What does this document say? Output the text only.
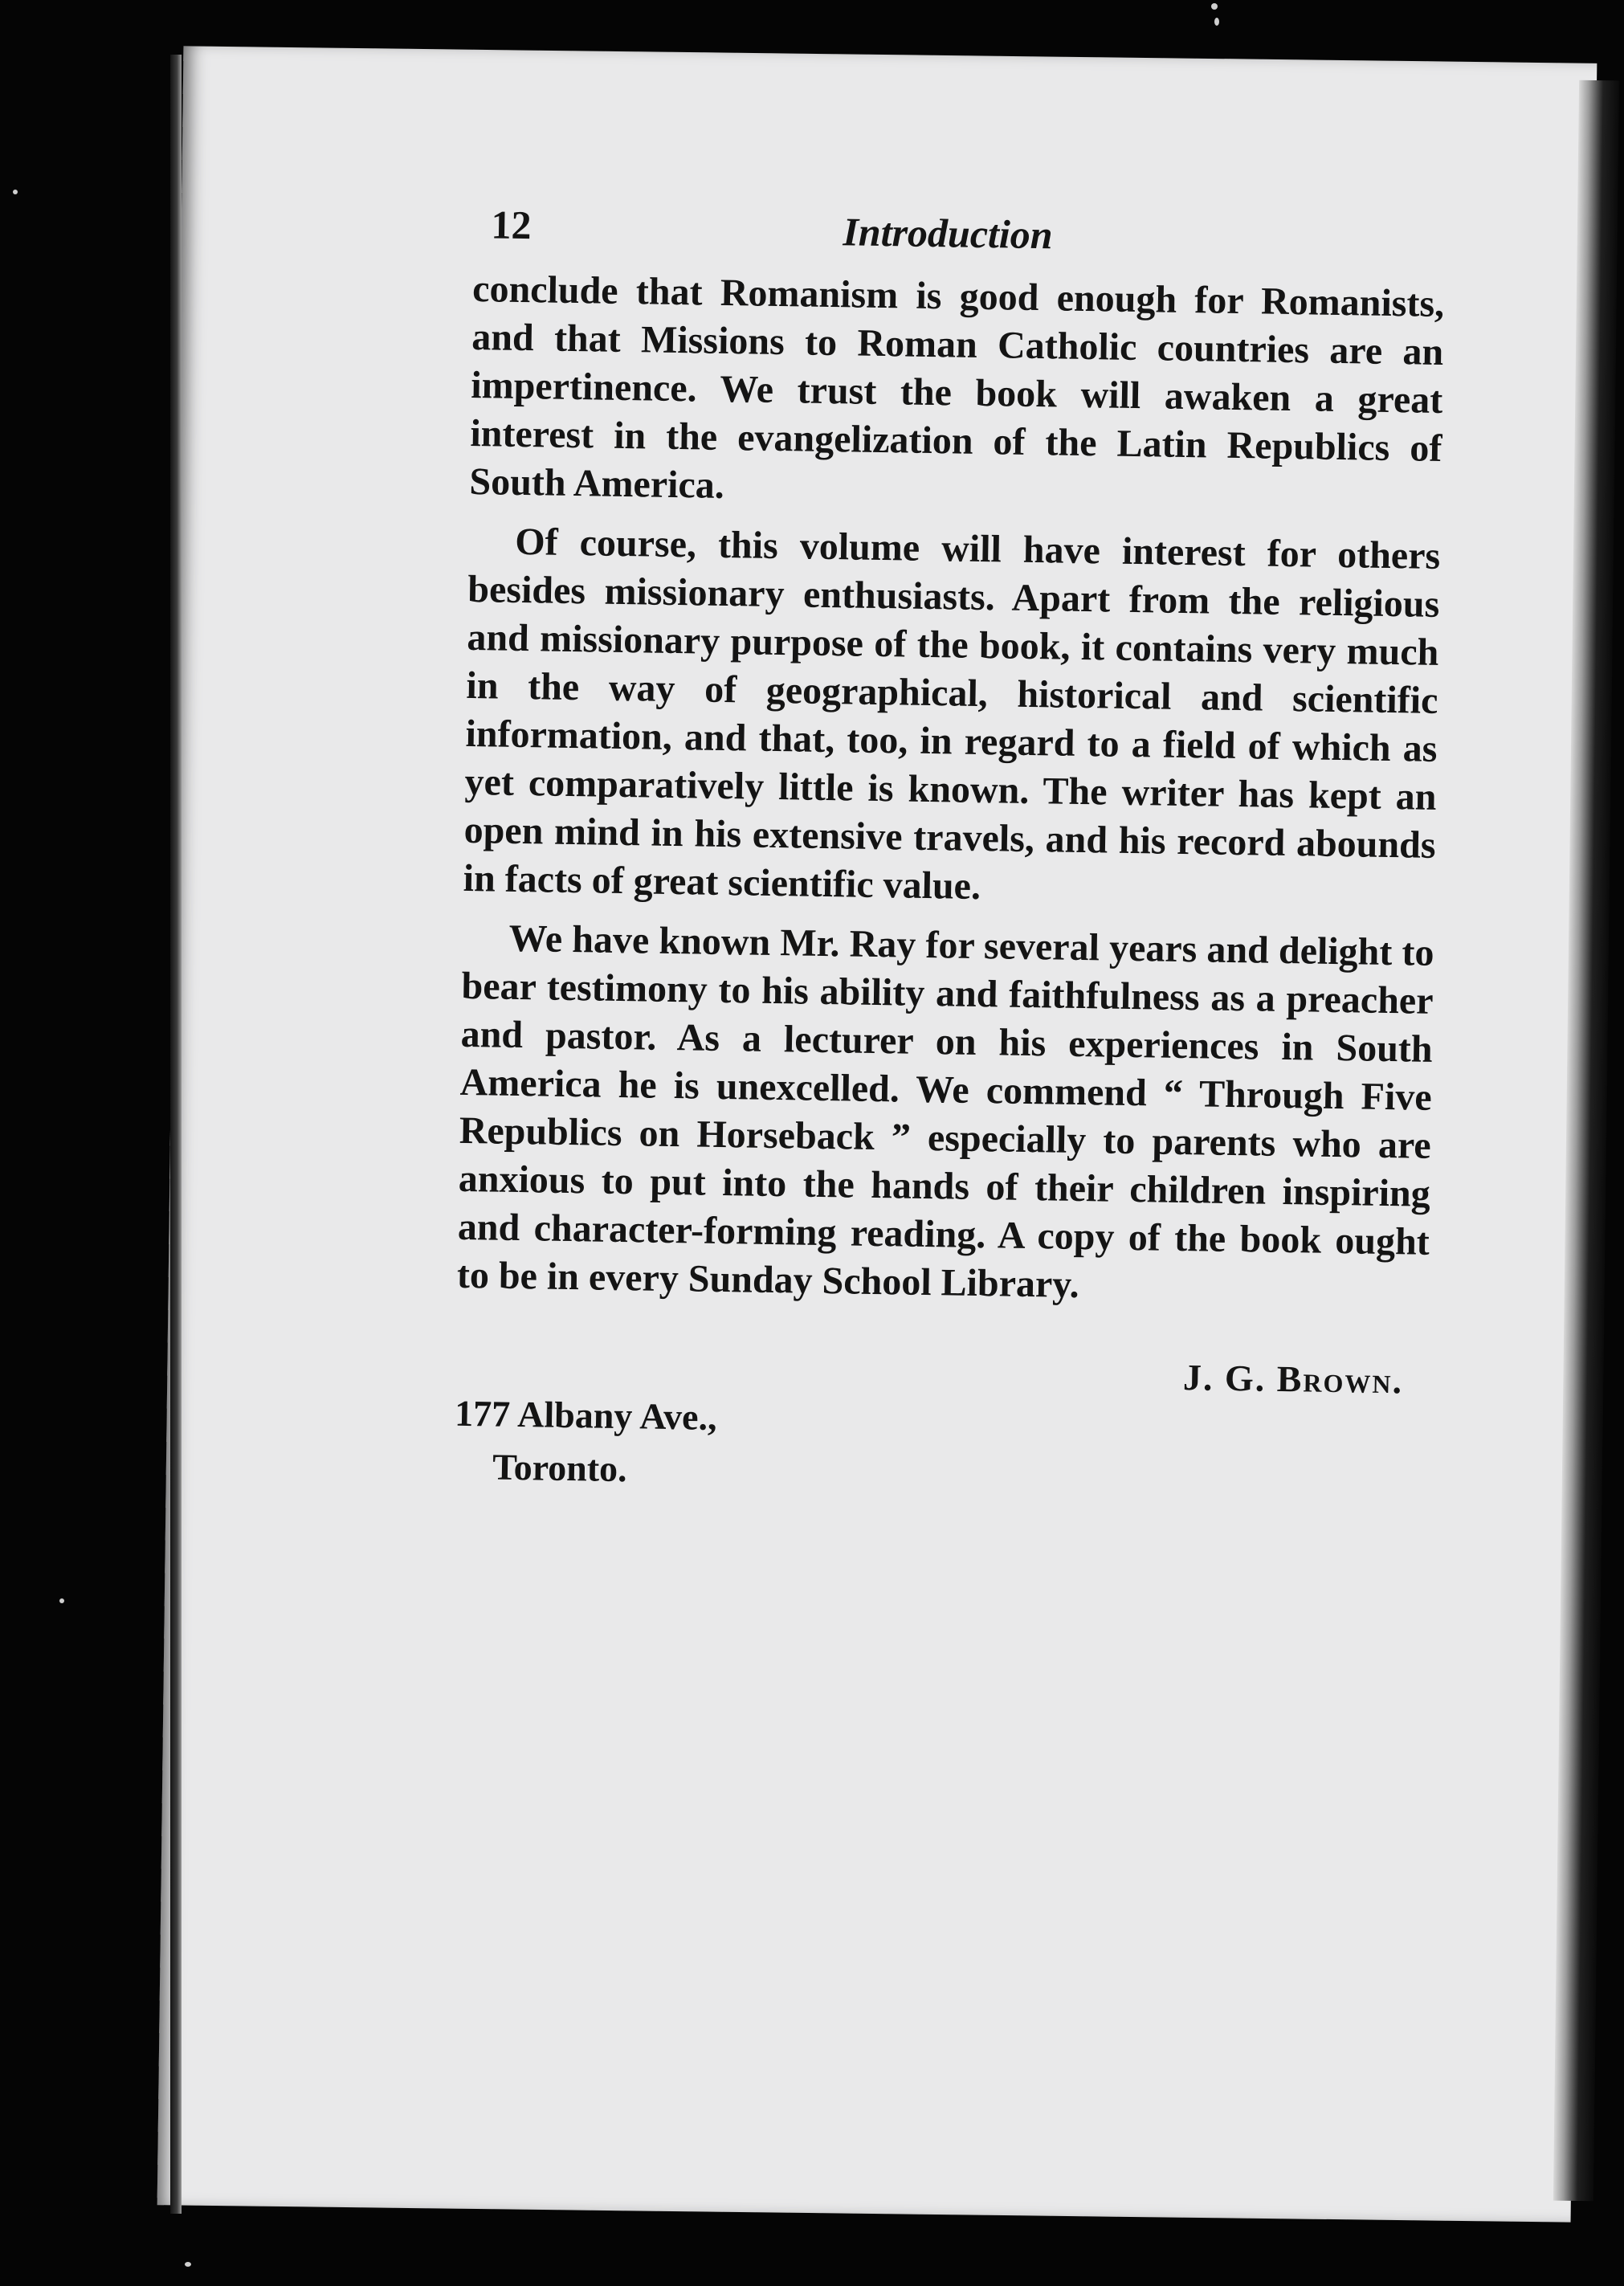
12	Introduction

conclude that Romanism is good enough for Romanists, and that Missions to Roman Catholic countries are an impertinence. We trust the book will awaken a great interest in the evangelization of the Latin Republics of South America.

Of course, this volume will have interest for others besides missionary enthusiasts. Apart from the religious and missionary purpose of the book, it contains very much in the way of geographical, historical and scientific information, and that, too, in regard to a field of which as yet comparatively little is known. The writer has kept an open mind in his extensive travels, and his record abounds in facts of great scientific value.

We have known Mr. Ray for several years and delight to bear testimony to his ability and faithfulness as a preacher and pastor. As a lecturer on his experiences in South America he is unexcelled. We commend “ Through Five Republics on Horseback ” especially to parents who are anxious to put into the hands of their children inspiring and character-forming reading. A copy of the book ought to be in every Sunday School Library.

J. G. Brown.
177 Albany Ave.,
Toronto.
